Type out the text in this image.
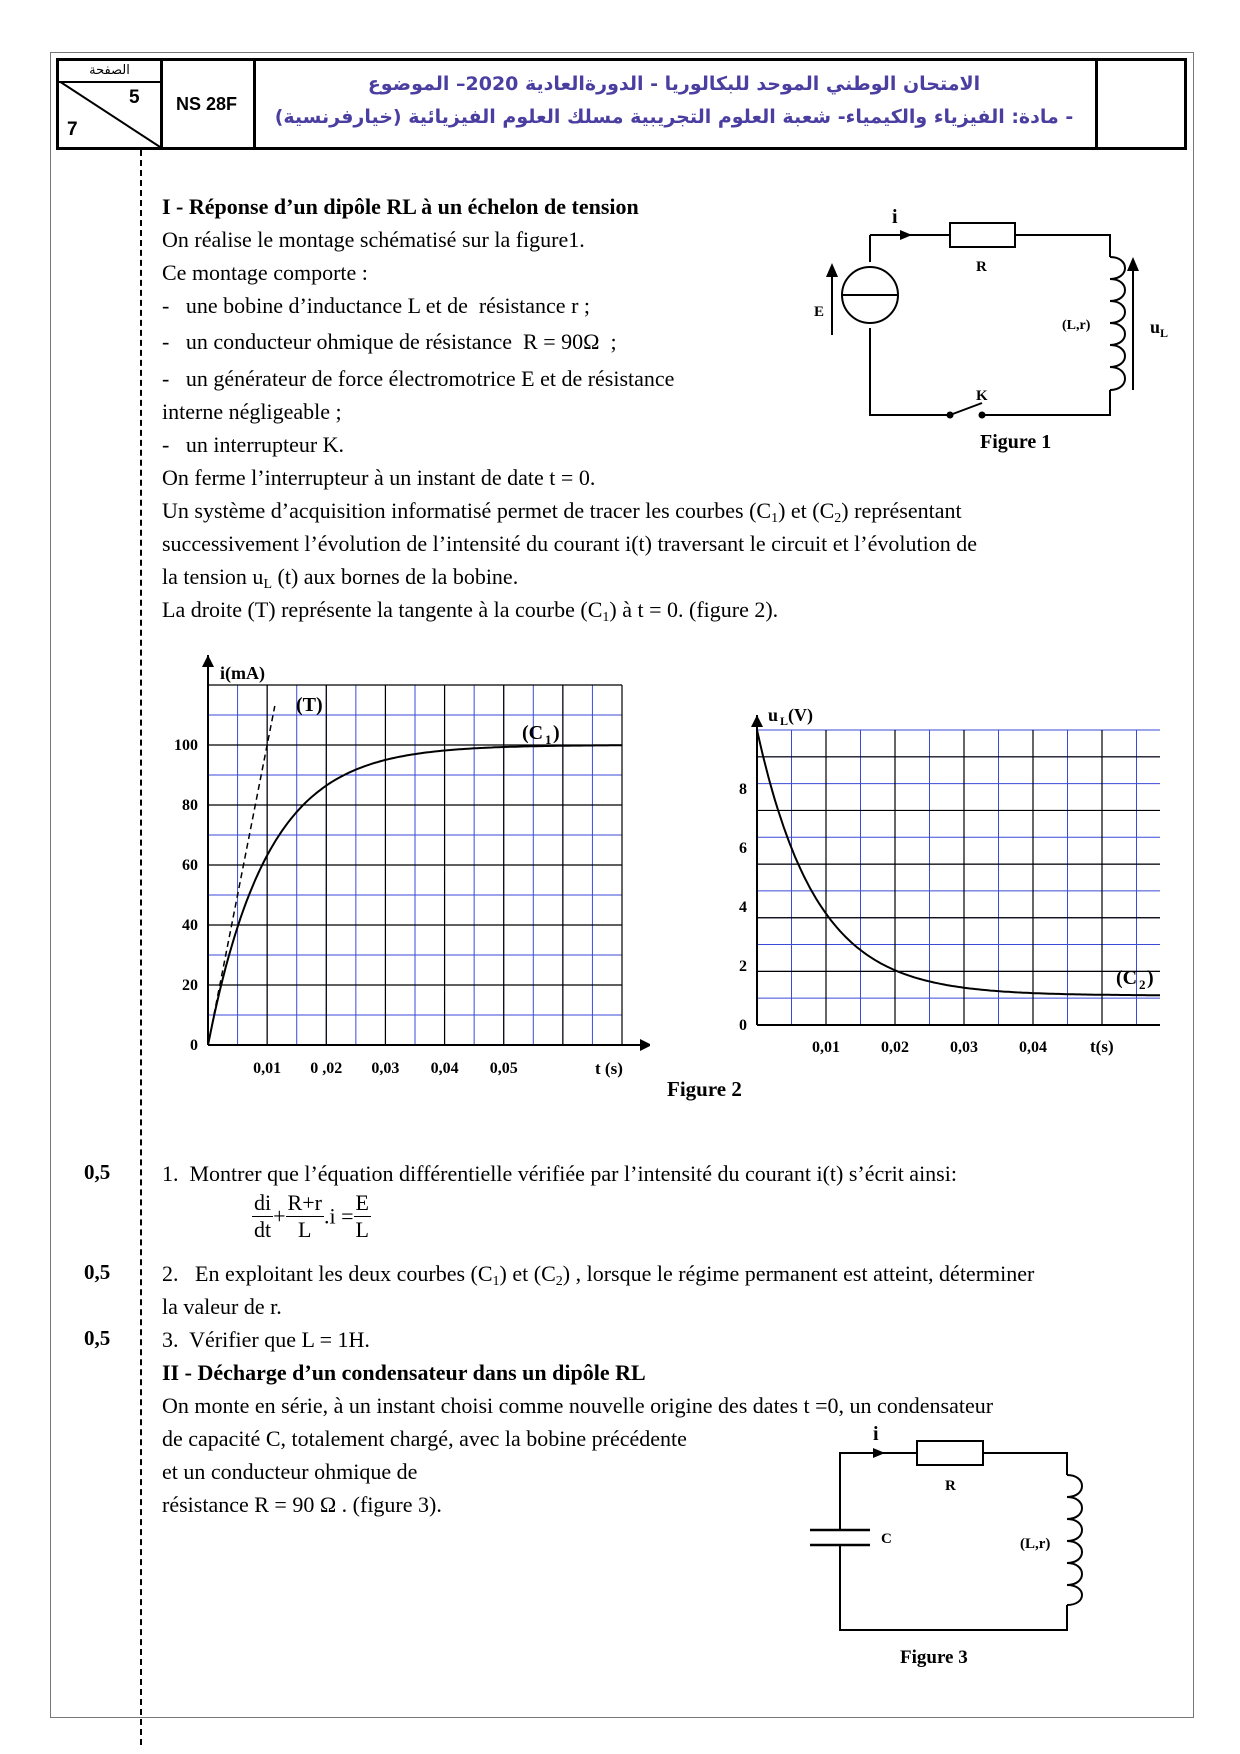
الصفحة
5
7
NS 28F
الامتحان الوطني الموحد للبكالوريا - الدورةالعادية 2020– الموضوع
- مادة: الفيزياء والكيمياء- شعبة العلوم التجريبية مسلك العلوم الفيزيائية (خيارفرنسية)
I - Réponse d’un dipôle RL à un échelon de tension
On réalise le montage schématisé sur la figure1.
Ce montage comporte :
-   une bobine d’inductance L et de  résistance r ;
-   un conducteur ohmique de résistance  R = 90Ω  ;
-   un générateur de force électromotrice E et de résistance
interne négligeable ;
-   un interrupteur K.
On ferme l’interrupteur à un instant de date t = 0.
Un système d’acquisition informatisé permet de tracer les courbes $(C_1)$ et $(C_2)$ représentant
successivement l’évolution de l’intensité du courant i(t) traversant le circuit et l’évolution de
la tension $u_L$ (t) aux bornes de la bobine.
La droite (T) représente la tangente à la courbe $(C_1)$ à t = 0. (figure 2).
i
R
E
(L,r)	$u_L$
K
Figure 1
0
20
40
60
80
100
0,01 0 ,02 0,03 0,04 0,05
i(mA)
t (s)
(T)
(C 1 )
0
2
4
6
8
0,01	0,02	0,03	0,04
u L (V)
t(s)
(C 2 )
Figure 2
0,5 1.  Montrer que l’équation différentielle vérifiée par l’intensité du courant i(t) s’écrit ainsi:
$\frac{di}{dt} + \frac{R+r}{L} .i = \frac{E}{L}$
0,5 2.   En exploitant les deux courbes $(C_1)$ et $(C_2)$ , lorsque le régime permanent est atteint, déterminer
la valeur de r.
0,5 3.  Vérifier que L = 1H.
II - Décharge d’un condensateur dans un dipôle RL
On monte en série, à un instant choisi comme nouvelle origine des dates t =0, un condensateur
de capacité C, totalement chargé, avec la bobine précédente
et un conducteur ohmique de
résistance R = 90 Ω . (figure 3).
i
R
C	(L,r)
Figure 3
